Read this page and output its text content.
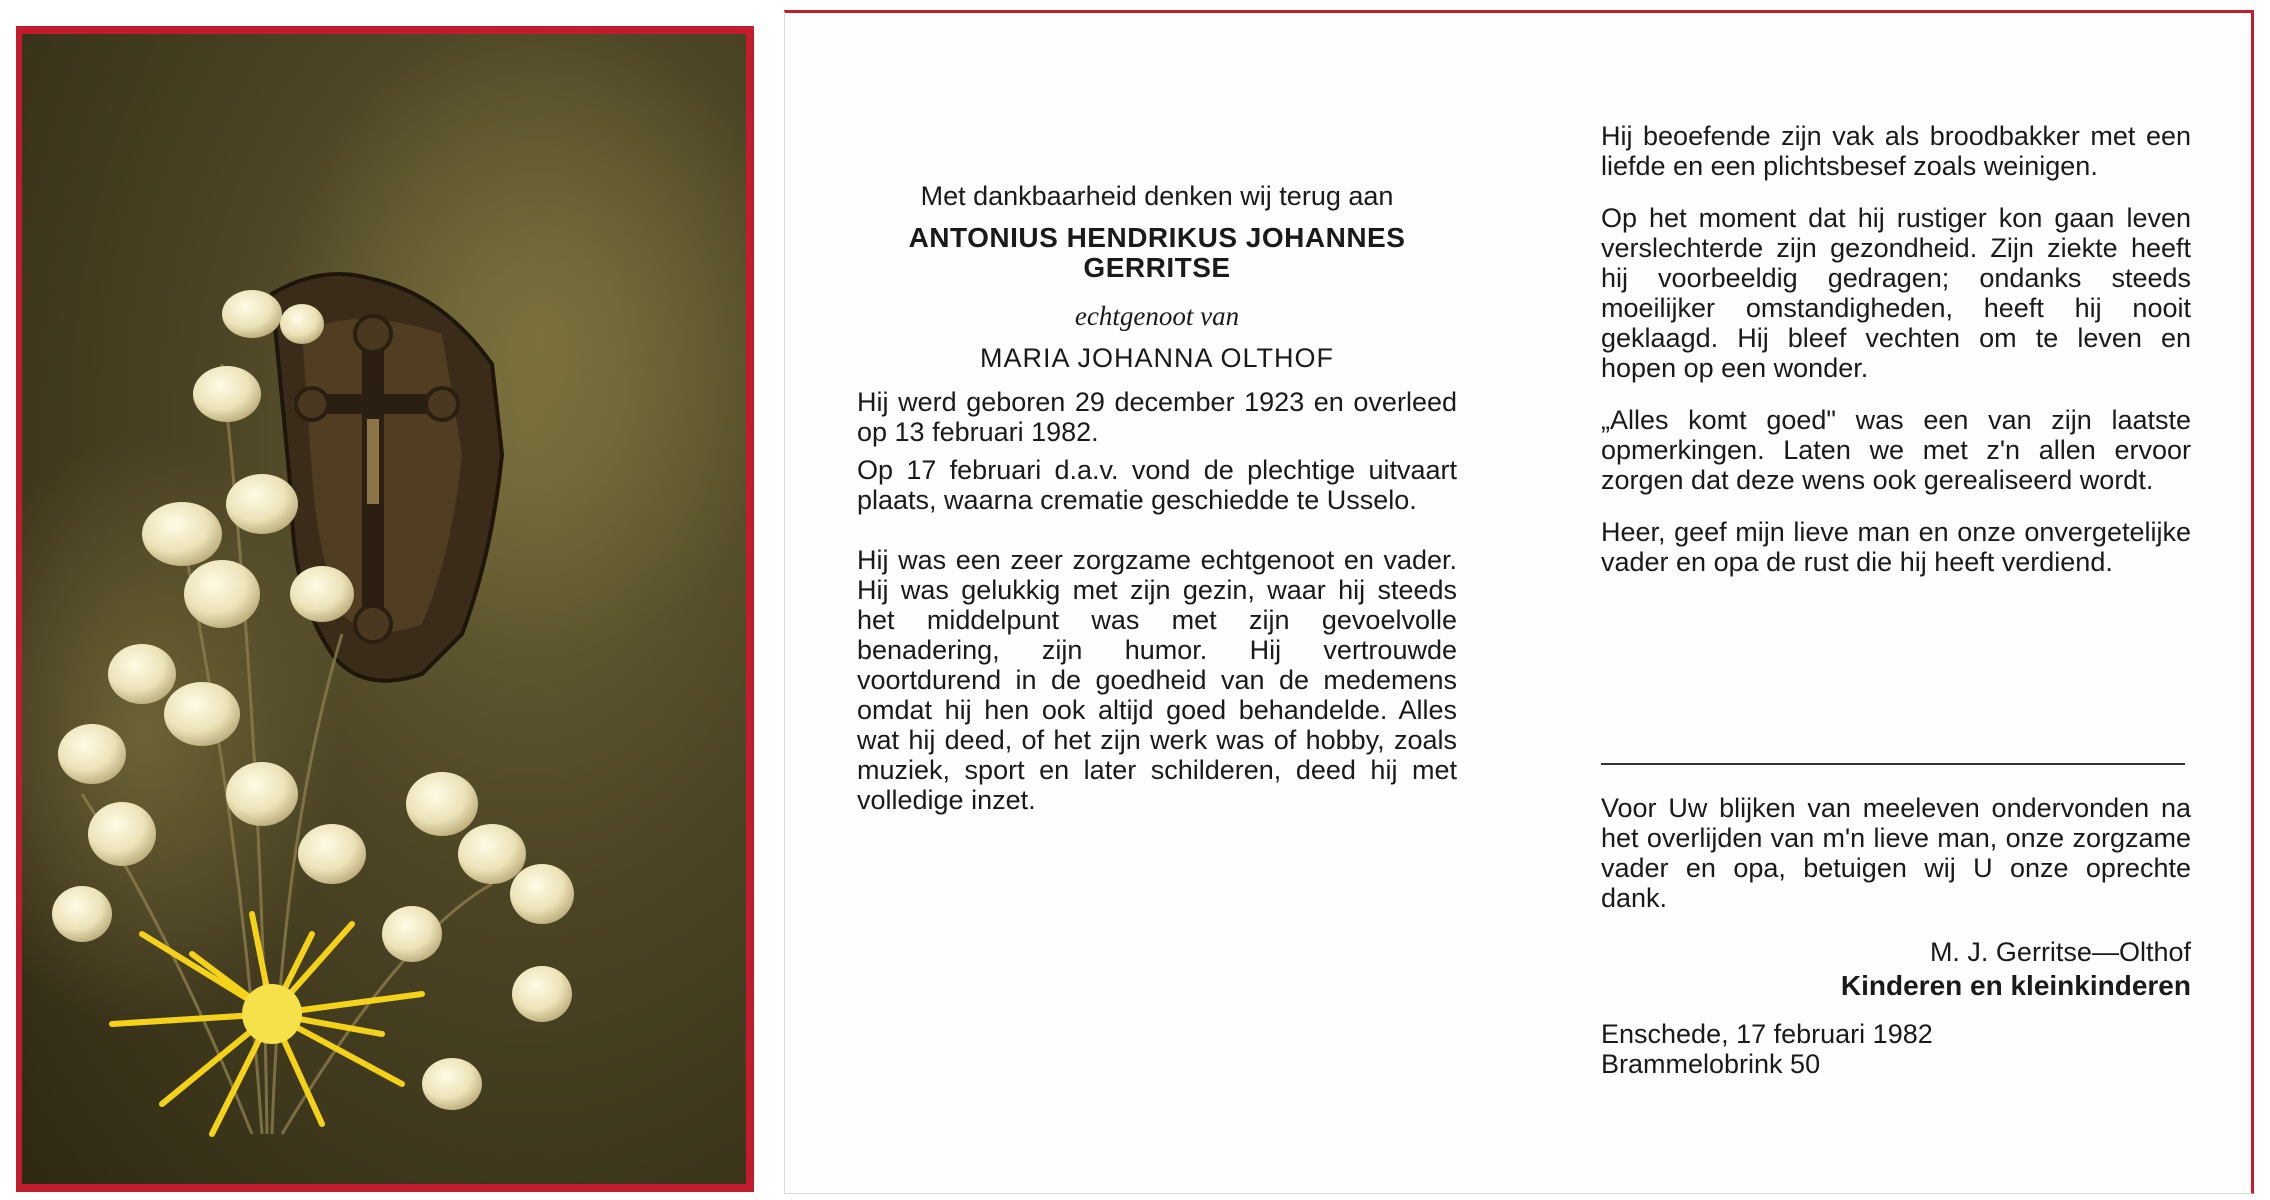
Met dankbaarheid denken wij terug aan

ANTONIUS HENDRIKUS JOHANNES GERRITSE

echtgenoot van

MARIA JOHANNA OLTHOF

Hij werd geboren 29 december 1923 en overleed op 13 februari 1982.

Op 17 februari d.a.v. vond de plechtige uitvaart plaats, waarna crematie geschiedde te Usselo.

Hij was een zeer zorgzame echtgenoot en vader. Hij was gelukkig met zijn gezin, waar hij steeds het middelpunt was met zijn gevoelvolle benadering, zijn humor. Hij vertrouwde voortdurend in de goedheid van de medemens omdat hij hen ook altijd goed behandelde. Alles wat hij deed, of het zijn werk was of hobby, zoals muziek, sport en later schilderen, deed hij met volledige inzet.

Hij beoefende zijn vak als broodbakker met een liefde en een plichtsbesef zoals weinigen.

Op het moment dat hij rustiger kon gaan leven verslechterde zijn gezondheid. Zijn ziekte heeft hij voorbeeldig gedragen; ondanks steeds moeilijker omstandigheden, heeft hij nooit geklaagd. Hij bleef vechten om te leven en hopen op een wonder.

„Alles komt goed" was een van zijn laatste opmerkingen. Laten we met z'n allen ervoor zorgen dat deze wens ook gerealiseerd wordt.

Heer, geef mijn lieve man en onze onvergetelijke vader en opa de rust die hij heeft verdiend.

Voor Uw blijken van meeleven ondervonden na het overlijden van m'n lieve man, onze zorgzame vader en opa, betuigen wij U onze oprechte dank.

M. J. Gerritse—Olthof

Kinderen en kleinkinderen

Enschede, 17 februari 1982

Brammelobrink 50
